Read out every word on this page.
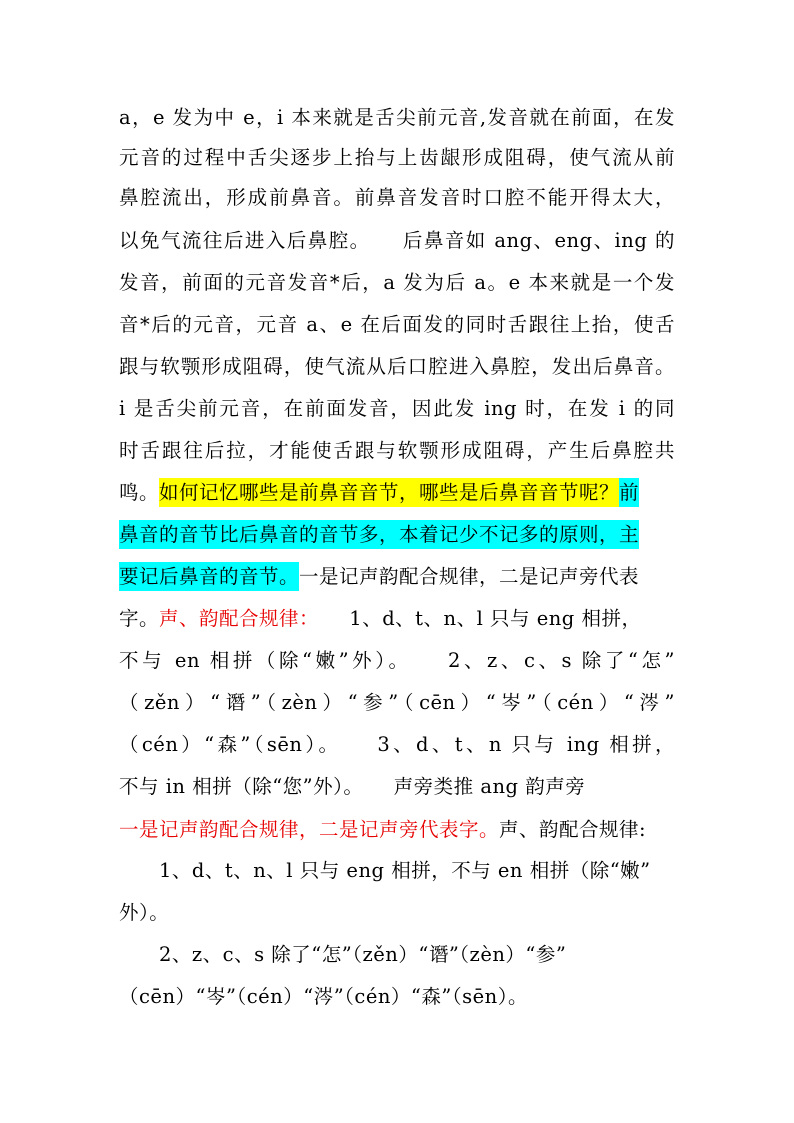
a，e 发为中 e，i 本来就是舌尖前元音,发音就在前面，在发
元音的过程中舌尖逐步上抬与上齿龈形成阻碍，使气流从前
鼻腔流出，形成前鼻音。前鼻音发音时口腔不能开得太大，
以免气流往后进入后鼻腔。　　后鼻音如 ang、eng、ing 的
发音，前面的元音发音*后，a 发为后 a。e 本来就是一个发
音*后的元音，元音 a、e 在后面发的同时舌跟往上抬，使舌
跟与软颚形成阻碍，使气流从后口腔进入鼻腔，发出后鼻音。
i 是舌尖前元音，在前面发音，因此发 ing 时，在发 i 的同
时舌跟往后拉，才能使舌跟与软颚形成阻碍，产生后鼻腔共
鸣。如何记忆哪些是前鼻音音节，哪些是后鼻音音节呢？前
鼻音的音节比后鼻音的音节多，本着记少不记多的原则，主
要记后鼻音的音节。一是记声韵配合规律，二是记声旁代表
字。声、韵配合规律：　　1、d、t、n、l 只与 eng 相拼，
不与 en 相拼（除“嫩”外）。　　2、z、c、s 除了“怎”
（zěn）“谮”（zèn）“参”（cēn）“岑”（cén）“涔”
（cén）“森”（sēn）。　　3、d、t、n 只与 ing 相拼，
不与 in 相拼（除“您”外）。　　声旁类推 ang 韵声旁
一是记声韵配合规律，二是记声旁代表字。声、韵配合规律:
1、d、t、n、l 只与 eng 相拼，不与 en 相拼（除“嫩”
外）。
2、z、c、s 除了“怎”（zěn）“谮”（zèn）“参”
（cēn）“岑”（cén）“涔”（cén）“森”（sēn）。
